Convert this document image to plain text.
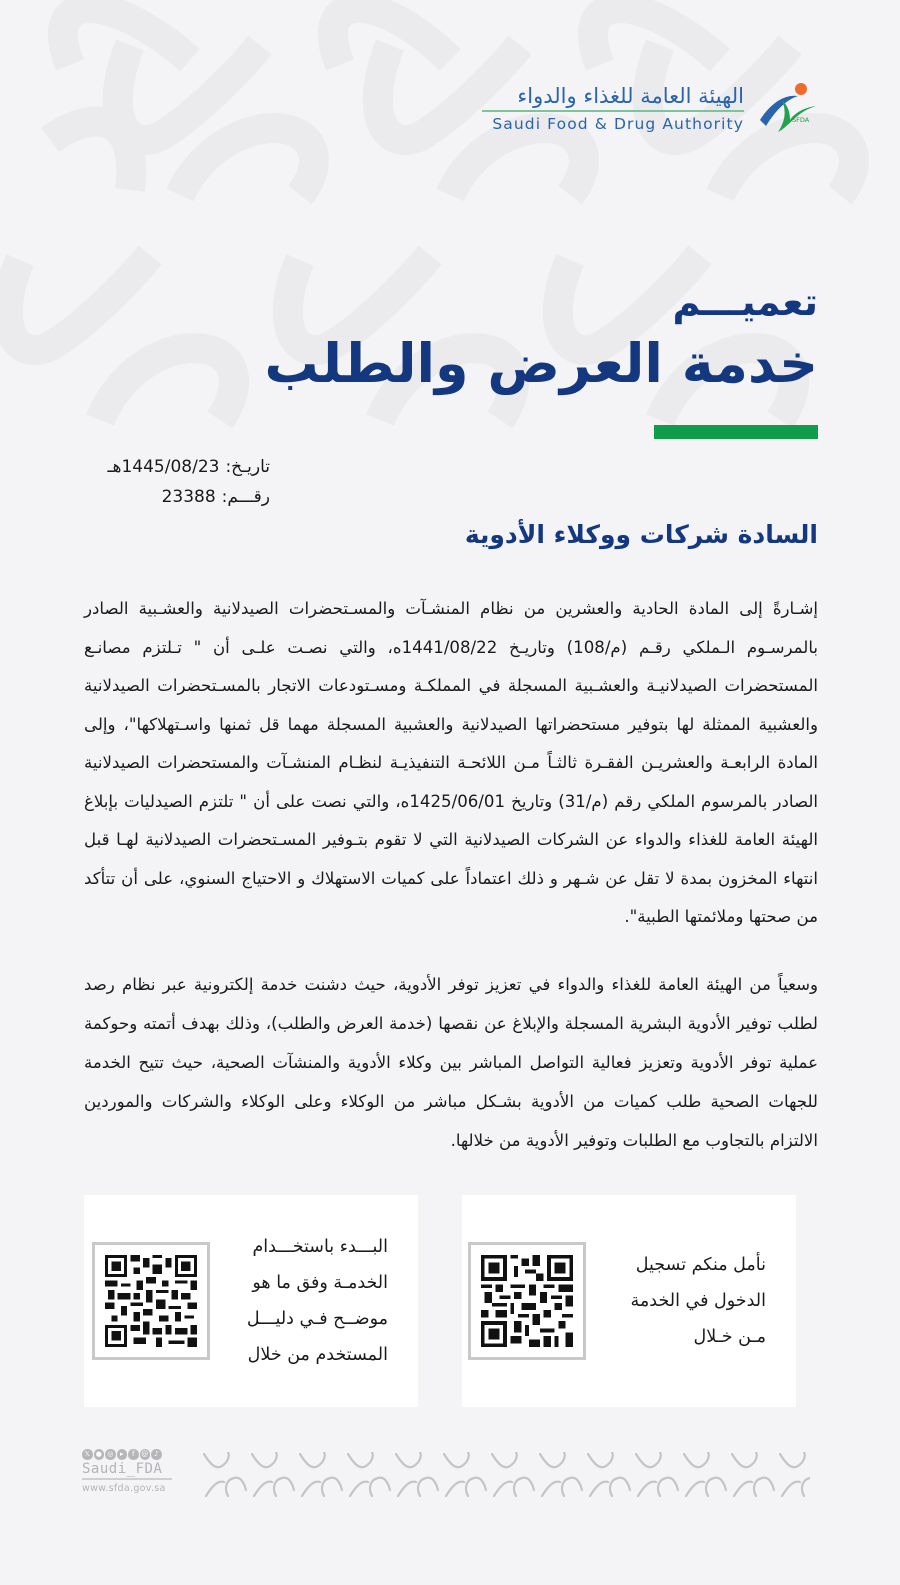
الهيئة العامة للغذاء والدواء
Saudi Food & Drug Authority	SFDA
تعميـــم
خدمة العرض والطلب
تاريـخ:
1445/08/23هـ
رقـــم:
23388
السادة شركات ووكلاء الأدوية

إشـارةً إلى المادة الحادية والعشرين من نظام المنشـآت والمسـتحضرات الصيدلانية والعشـبية الصادر بالمرسـوم الـملكي رقـم (م/108) وتاريـخ 1441/08/22ه، والتي نصـت علـى أن " تـلتزم مصانـع المستحضرات الصيدلانيـة والعشـبية المسجلة في المملكـة ومسـتودعات الاتجار بالمسـتحضرات الصيدلانية والعشبية الممثلة لها بتوفير مستحضراتها الصيدلانية والعشبية المسجلة مهما قل ثمنها واسـتهلاكها"، وإلى المادة الرابعـة والعشريـن الفقـرة ثالثـاً مـن اللائحـة التنفيذيـة لنظـام المنشـآت والمستحضرات الصيدلانية الصادر بالمرسوم الملكي رقم (م/31) وتاريخ 1425/06/01ه، والتي نصت على أن " تلتزم الصيدليات بإبلاغ الهيئة العامة للغذاء والدواء عن الشركات الصيدلانية التي لا تقوم بتـوفير المسـتحضرات الصيدلانية لهـا قبل انتهاء المخزون بمدة لا تقل عن شـهر و ذلك اعتماداً على كميات الاستهلاك و الاحتياج السنوي، على أن تتأكد من صحتها وملائمتها الطبية".

وسعياً من الهيئة العامة للغذاء والدواء في تعزيز توفر الأدوية، حيث دشنت خدمة إلكترونية عبر نظام رصد لطلب توفير الأدوية البشرية المسجلة والإبلاغ عن نقصها (خدمة العرض والطلب)، وذلك بهدف أتمته وحوكمة عملية توفر الأدوية وتعزيز فعالية التواصل المباشر بين وكلاء الأدوية والمنشآت الصحية، حيث تتيح الخدمة للجهات الصحية طلب كميات من الأدوية بشـكل مباشر من الوكلاء وعلى الوكلاء والشركات والموردين الالتزام بالتجاوب مع الطلبات وتوفير الأدوية من خلالها.

نأمل منكم تسجيل الدخول في الخدمة مـن خـلال
البـــدء باستخـــدام الخدمـة وفق ما هو موضــح فـي دليـــل المستخدم من خلال
𝕏 ● ◎ ▸	f @ ♪
Saudi_FDA
www.sfda.gov.sa
